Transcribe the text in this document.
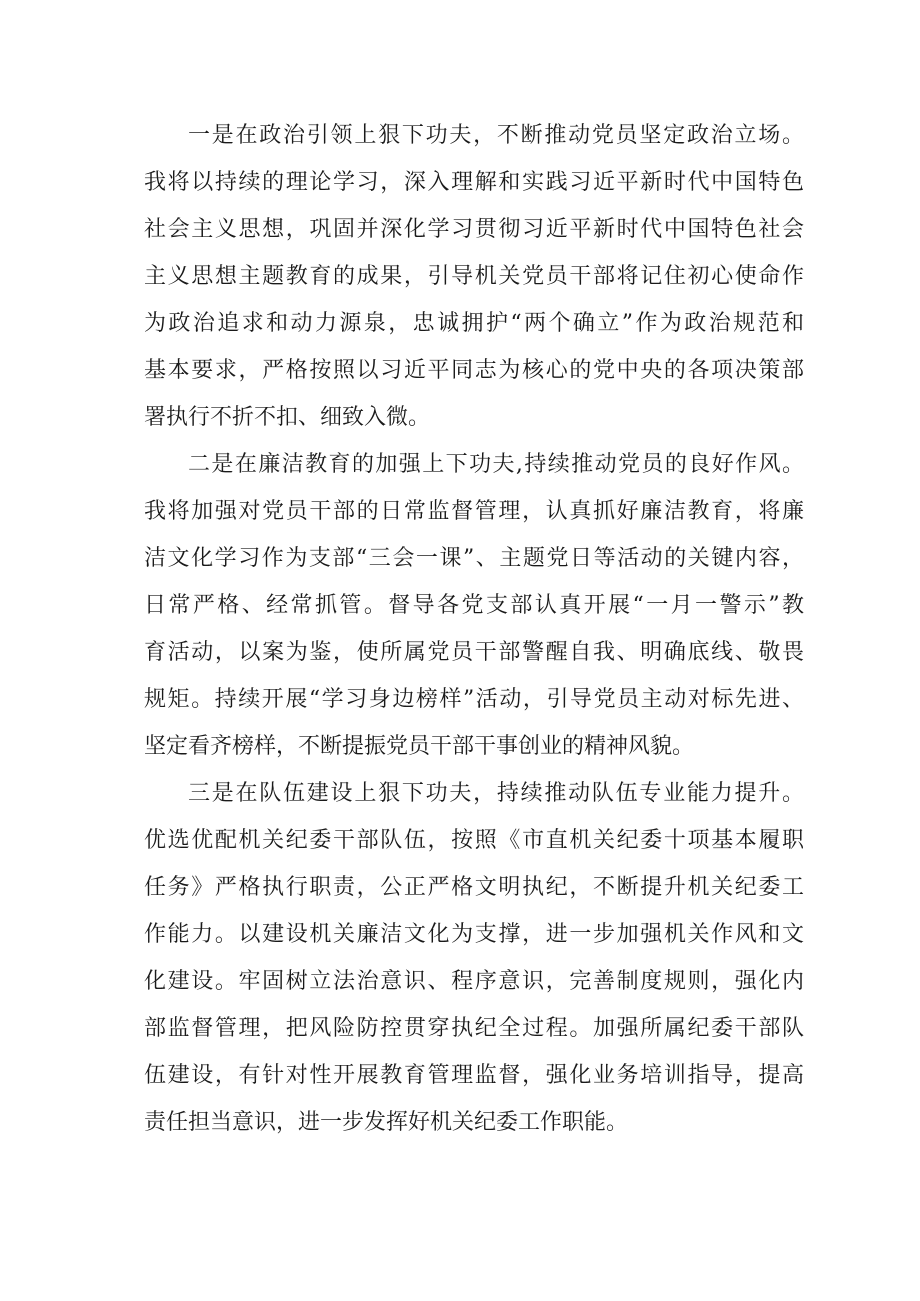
一是在政治引领上狠下功夫，不断推动党员坚定政治立场。
我将以持续的理论学习，深入理解和实践习近平新时代中国特色
社会主义思想，巩固并深化学习贯彻习近平新时代中国特色社会
主义思想主题教育的成果，引导机关党员干部将记住初心使命作
为政治追求和动力源泉，忠诚拥护“两个确立”作为政治规范和
基本要求，严格按照以习近平同志为核心的党中央的各项决策部
署执行不折不扣、细致入微。
二是在廉洁教育的加强上下功夫,持续推动党员的良好作风。
我将加强对党员干部的日常监督管理，认真抓好廉洁教育，将廉
洁文化学习作为支部“三会一课”、主题党日等活动的关键内容，
日常严格、经常抓管。督导各党支部认真开展“一月一警示”教
育活动，以案为鉴，使所属党员干部警醒自我、明确底线、敬畏
规矩。持续开展“学习身边榜样”活动，引导党员主动对标先进、
坚定看齐榜样，不断提振党员干部干事创业的精神风貌。
三是在队伍建设上狠下功夫，持续推动队伍专业能力提升。
优选优配机关纪委干部队伍，按照《市直机关纪委十项基本履职
任务》严格执行职责，公正严格文明执纪，不断提升机关纪委工
作能力。以建设机关廉洁文化为支撑，进一步加强机关作风和文
化建设。牢固树立法治意识、程序意识，完善制度规则，强化内
部监督管理，把风险防控贯穿执纪全过程。加强所属纪委干部队
伍建设，有针对性开展教育管理监督，强化业务培训指导，提高
责任担当意识，进一步发挥好机关纪委工作职能。
